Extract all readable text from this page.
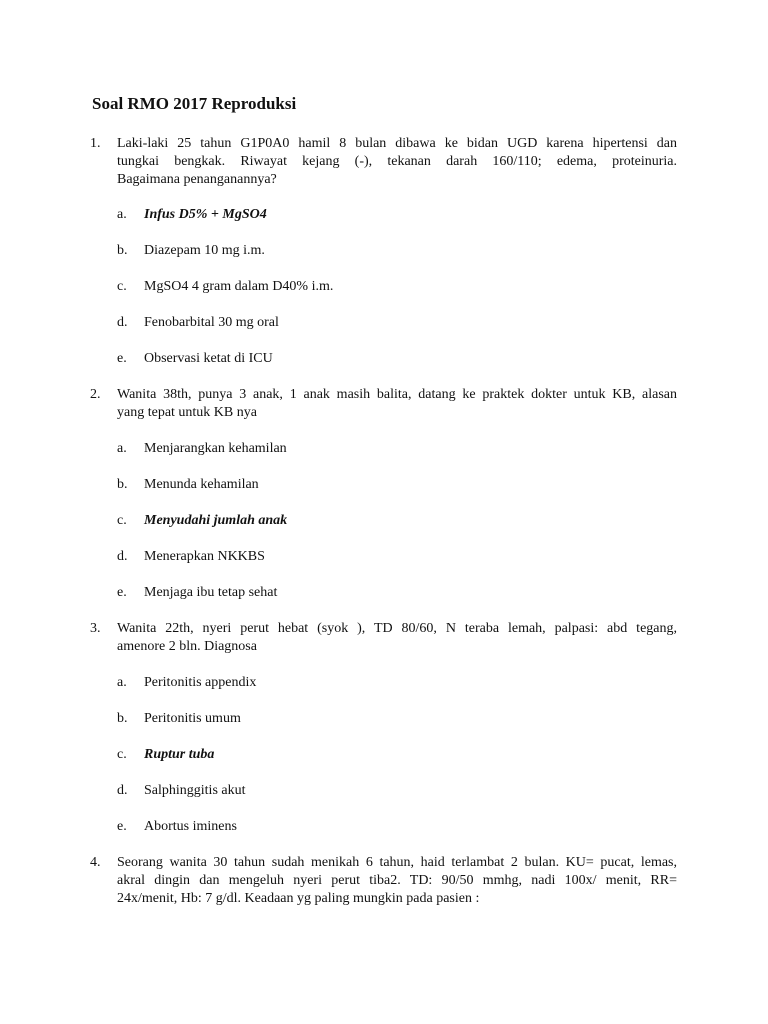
Soal RMO 2017 Reproduksi
1. Laki-laki 25 tahun G1P0A0 hamil 8 bulan dibawa ke bidan UGD karena hipertensi dan
tungkai bengkak. Riwayat kejang (-), tekanan darah 160/110; edema, proteinuria.
Bagaimana penanganannya?
a. Infus D5% + MgSO4
b. Diazepam 10 mg i.m.
c. MgSO4 4 gram dalam D40% i.m.
d. Fenobarbital 30 mg oral
e. Observasi ketat di ICU
2. Wanita 38th, punya 3 anak, 1 anak masih balita, datang ke praktek dokter untuk KB, alasan
yang tepat untuk KB nya
a. Menjarangkan kehamilan
b. Menunda kehamilan
c. Menyudahi jumlah anak
d. Menerapkan NKKBS
e. Menjaga ibu tetap sehat
3. Wanita 22th, nyeri perut hebat (syok ), TD 80/60, N teraba lemah, palpasi: abd tegang,
amenore 2 bln. Diagnosa
a. Peritonitis appendix
b. Peritonitis umum
c. Ruptur tuba
d. Salphinggitis akut
e. Abortus iminens
4. Seorang wanita 30 tahun sudah menikah 6 tahun, haid terlambat 2 bulan. KU= pucat, lemas,
akral dingin dan mengeluh nyeri perut tiba2. TD: 90/50 mmhg, nadi 100x/ menit, RR=
24x/menit, Hb: 7 g/dl. Keadaan yg paling mungkin pada pasien :
